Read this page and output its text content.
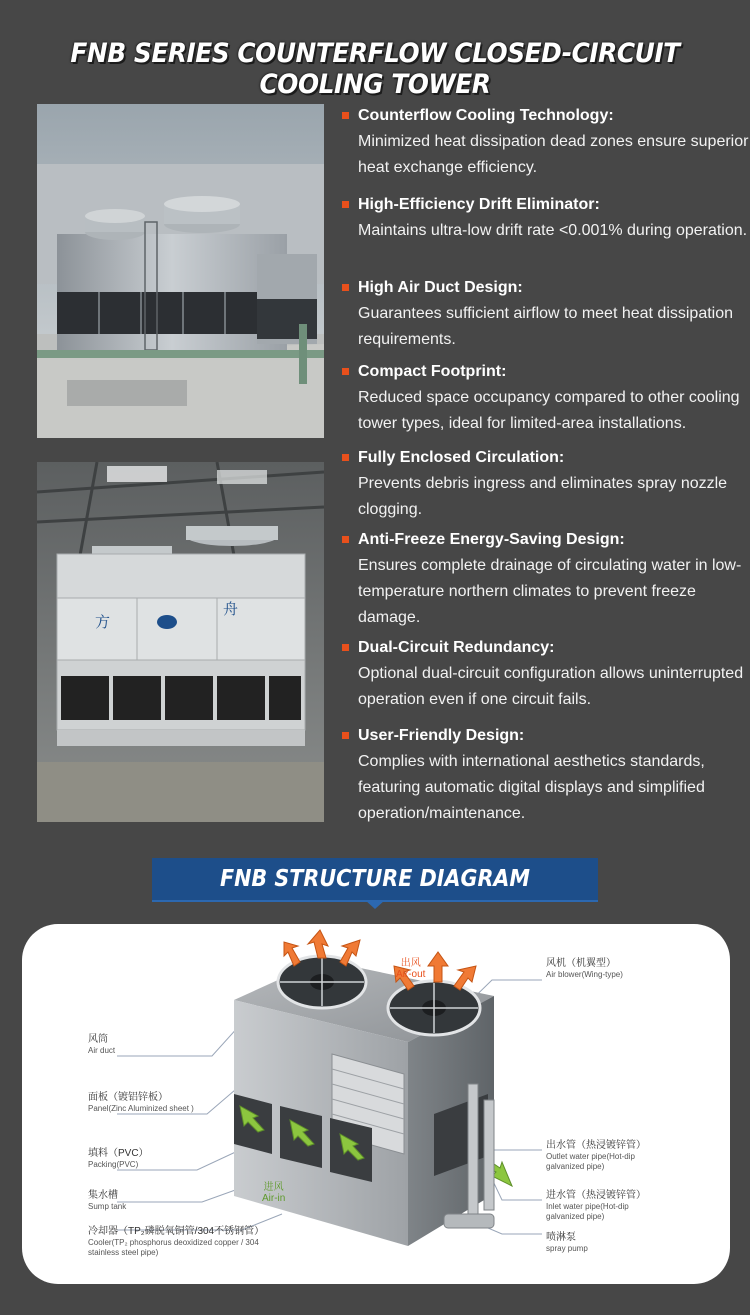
FNB SERIES COUNTERFLOW CLOSED-CIRCUIT COOLING TOWER
方
舟
Counterflow Cooling Technology:
Minimized heat dissipation dead zones ensure superior heat exchange efficiency.
High-Efficiency Drift Eliminator:
Maintains ultra-low drift rate <0.001% during operation.
High Air Duct Design:
Guarantees sufficient airflow to meet heat dissipation requirements.
Compact Footprint:
Reduced space occupancy compared to other cooling tower types, ideal for limited-area installations.
Fully Enclosed Circulation:
Prevents debris ingress and eliminates spray nozzle clogging.
Anti-Freeze Energy-Saving Design:
Ensures complete drainage of circulating water in low-temperature northern climates to prevent freeze damage.
Dual-Circuit Redundancy:
Optional dual-circuit configuration allows uninterrupted operation even if one circuit fails.
User-Friendly Design:
Complies with international aesthetics standards, featuring automatic digital displays and simplified operation/maintenance.
FNB STRUCTURE DIAGRAM
出风
Air-out
进风
Air-in
风筒
Air duct
面板（镀铝锌板）
Panel(Zinc Aluminized sheet )
填料（PVC）
Packing(PVC)
集水槽
Sump tank
冷却器（TP₂磷脱氧铜管/304不锈钢管）
Cooler(TP₂ phosphorus deoxidized copper / 304 stainless steel pipe)
风机（机翼型）
Air blower(Wing-type)
出水管（热浸镀锌管）
Outlet water pipe(Hot-dip galvanized pipe)
进水管（热浸镀锌管）
Inlet water pipe(Hot-dip galvanized pipe)
喷淋泵
spray pump
